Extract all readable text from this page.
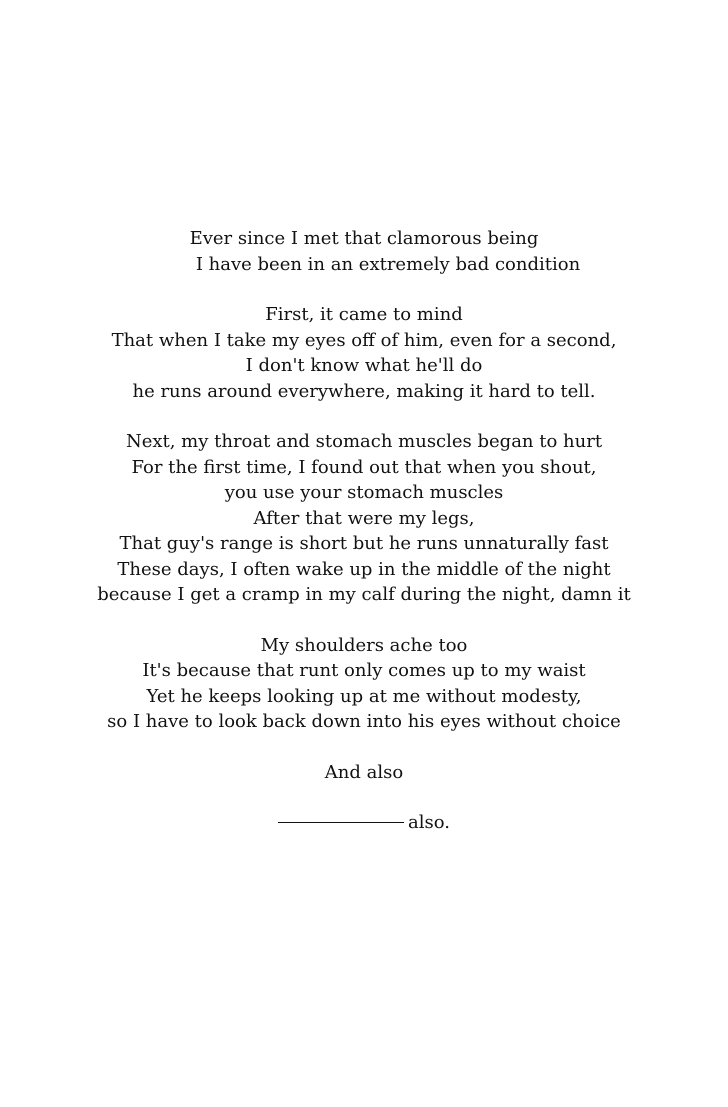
Ever since I met that clamorous being
I have been in an extremely bad condition
First, it came to mind
That when I take my eyes off of him, even for a second,
I don't know what he'll do
he runs around everywhere, making it hard to tell.
Next, my throat and stomach muscles began to hurt
For the first time, I found out that when you shout,
you use your stomach muscles
After that were my legs,
That guy's range is short but he runs unnaturally fast
These days, I often wake up in the middle of the night
because I get a cramp in my calf during the night, damn it
My shoulders ache too
It's because that runt only comes up to my waist
Yet he keeps looking up at me without modesty,
so I have to look back down into his eyes without choice
And also
also.
